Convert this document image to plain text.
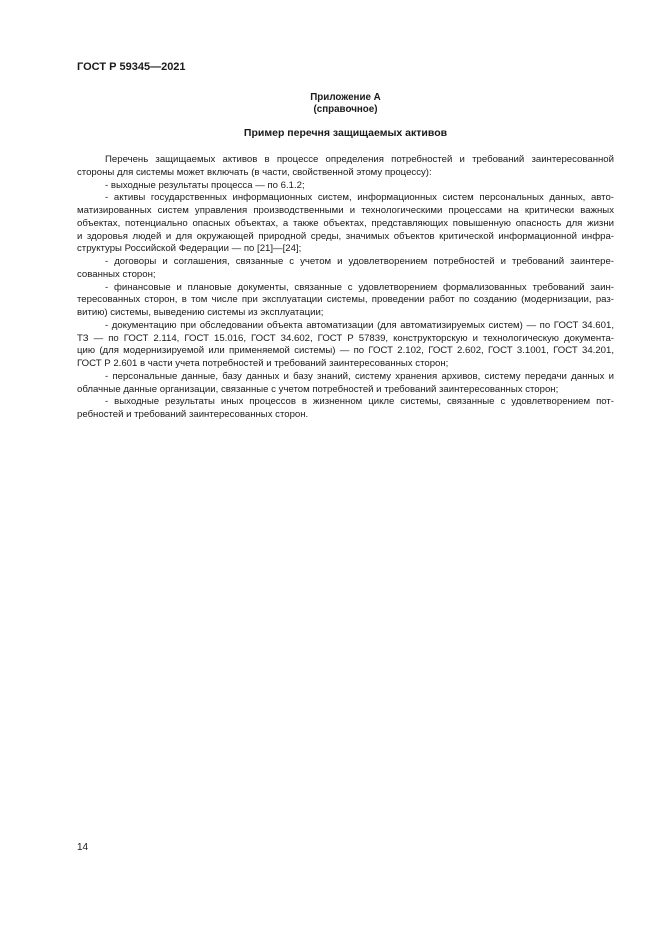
ГОСТ Р 59345—2021
Приложение А
(справочное)
Пример перечня защищаемых активов
Перечень защищаемых активов в процессе определения потребностей и требований заинтересованной
стороны для системы может включать (в части, свойственной этому процессу):
- выходные результаты процесса — по 6.1.2;
- активы государственных информационных систем, информационных систем персональных данных, авто-
матизированных систем управления производственными и технологическими процессами на критически важных
объектах, потенциально опасных объектах, а также объектах, представляющих повышенную опасность для жизни
и здоровья людей и для окружающей природной среды, значимых объектов критической информационной инфра-
структуры Российской Федерации — по [21]—[24];
- договоры и соглашения, связанные с учетом и удовлетворением потребностей и требований заинтере-
сованных сторон;
- финансовые и плановые документы, связанные с удовлетворением формализованных требований заин-
тересованных сторон, в том числе при эксплуатации системы, проведении работ по созданию (модернизации, раз-
витию) системы, выведению системы из эксплуатации;
- документацию при обследовании объекта автоматизации (для автоматизируемых систем) — по ГОСТ 34.601,
ТЗ — по ГОСТ 2.114, ГОСТ 15.016, ГОСТ 34.602, ГОСТ Р 57839, конструкторскую и технологическую документа-
цию (для модернизируемой или применяемой системы) — по ГОСТ 2.102, ГОСТ 2.602, ГОСТ 3.1001, ГОСТ 34.201,
ГОСТ Р 2.601 в части учета потребностей и требований заинтересованных сторон;
- персональные данные, базу данных и базу знаний, систему хранения архивов, систему передачи данных и
облачные данные организации, связанные с учетом потребностей и требований заинтересованных сторон;
- выходные результаты иных процессов в жизненном цикле системы, связанные с удовлетворением пот-
ребностей и требований заинтересованных сторон.
14
